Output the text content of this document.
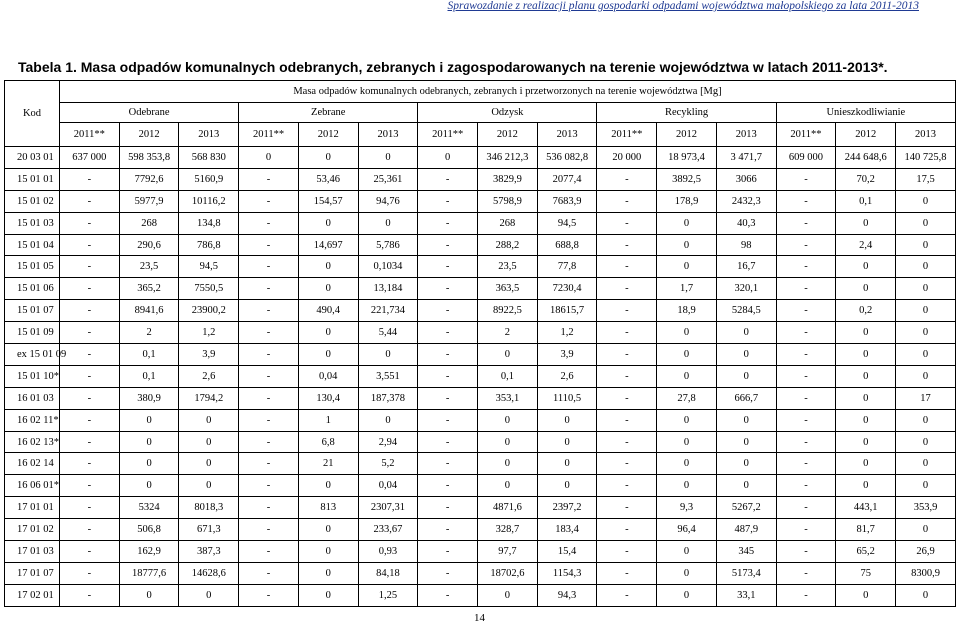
Sprawozdanie z realizacji planu gospodarki odpadami województwa małopolskiego za lata 2011-2013
Tabela 1. Masa odpadów komunalnych odebranych, zebranych i zagospodarowanych na terenie województwa w latach 2011-2013*.
Kod	Masa odpadów komunalnych odebranych, zebranych i przetworzonych na terenie województwa [Mg]														
	Odebrane			Zebrane			Odzysk			Recykling			Unieszkodliwianie		
	2011**	2012	2013	2011**	2012	2013	2011**	2012	2013	2011**	2012	2013	2011**	2012	2013
20 03 01	637 000	598 353,8	568 830	0	0	0	0	346 212,3	536 082,8	20 000	18 973,4	3 471,7	609 000	244 648,6	140 725,8
15 01 01	-	7792,6	5160,9	-	53,46	25,361	-	3829,9	2077,4	-	3892,5	3066	-	70,2	17,5
15 01 02	-	5977,9	10116,2	-	154,57	94,76	-	5798,9	7683,9	-	178,9	2432,3	-	0,1	0
15 01 03	-	268	134,8	-	0	0	-	268	94,5	-	0	40,3	-	0	0
15 01 04	-	290,6	786,8	-	14,697	5,786	-	288,2	688,8	-	0	98	-	2,4	0
15 01 05	-	23,5	94,5	-	0	0,1034	-	23,5	77,8	-	0	16,7	-	0	0
15 01 06	-	365,2	7550,5	-	0	13,184	-	363,5	7230,4	-	1,7	320,1	-	0	0
15 01 07	-	8941,6	23900,2	-	490,4	221,734	-	8922,5	18615,7	-	18,9	5284,5	-	0,2	0
15 01 09	-	2	1,2	-	0	5,44	-	2	1,2	-	0	0	-	0	0
ex 15 01 09	-	0,1	3,9	-	0	0	-	0	3,9	-	0	0	-	0	0
15 01 10*	-	0,1	2,6	-	0,04	3,551	-	0,1	2,6	-	0	0	-	0	0
16 01 03	-	380,9	1794,2	-	130,4	187,378	-	353,1	1110,5	-	27,8	666,7	-	0	17
16 02 11*	-	0	0	-	1	0	-	0	0	-	0	0	-	0	0
16 02 13*	-	0	0	-	6,8	2,94	-	0	0	-	0	0	-	0	0
16 02 14	-	0	0	-	21	5,2	-	0	0	-	0	0	-	0	0
16 06 01*	-	0	0	-	0	0,04	-	0	0	-	0	0	-	0	0
17 01 01	-	5324	8018,3	-	813	2307,31	-	4871,6	2397,2	-	9,3	5267,2	-	443,1	353,9
17 01 02	-	506,8	671,3	-	0	233,67	-	328,7	183,4	-	96,4	487,9	-	81,7	0
17 01 03	-	162,9	387,3	-	0	0,93	-	97,7	15,4	-	0	345	-	65,2	26,9
17 01 07	-	18777,6	14628,6	-	0	84,18	-	18702,6	1154,3	-	0	5173,4	-	75	8300,9
17 02 01	-	0	0	-	0	1,25	-	0	94,3	-	0	33,1	-	0	0
14
